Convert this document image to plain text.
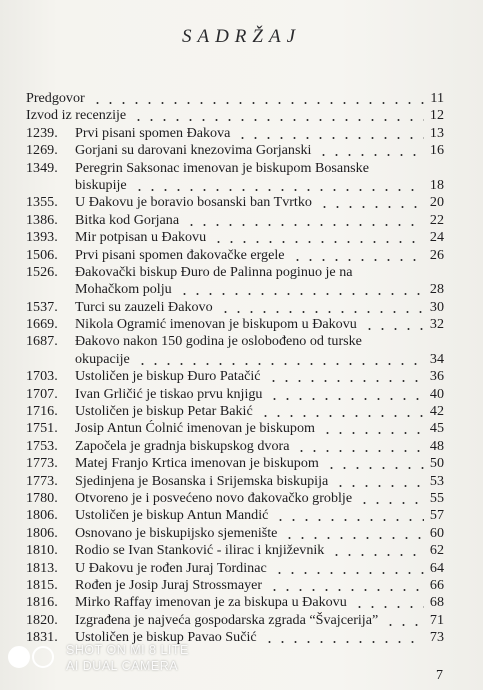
SADRŽAJ
Predgovor	11
Izvod iz recenzije	12
1239. Prvi pisani spomen Đakova	13
1269. Gorjani su darovani knezovima Gorjanski	16
1349. Peregrin Saksonac imenovan je biskupom Bosanske
biskupije	18
1355. U Đakovu je boravio bosanski ban Tvrtko	20
1386. Bitka kod Gorjana	22
1393. Mir potpisan u Đakovu	24
1506. Prvi pisani spomen đakovačke ergele	26
1526. Đakovački biskup Đuro de Palinna poginuo je na
Mohačkom polju	28
1537. Turci su zauzeli Đakovo	30
1669. Nikola Ogramić imenovan je biskupom u Đakovu	32
1687. Đakovo nakon 150 godina je oslobođeno od turske
okupacije	34
1703. Ustoličen je biskup Đuro Patačić	36
1707. Ivan Grličić je tiskao prvu knjigu	40
1716. Ustoličen je biskup Petar Bakić	42
1751. Josip Antun Ćolnić imenovan je biskupom	45
1753. Započela je gradnja biskupskog dvora	48
1773. Matej Franjo Krtica imenovan je biskupom	50
1773. Sjedinjena je Bosanska i Srijemska biskupija	53
1780. Otvoreno je i posvećeno novo đakovačko groblje	55
1806. Ustoličen je biskup Antun Mandić	57
1806. Osnovano je biskupijsko sjemenište	60
1810. Rodio se Ivan Stanković - ilirac i književnik	62
1813. U Đakovu je rođen Juraj Tordinac	64
1815. Rođen je Josip Juraj Strossmayer	66
1816. Mirko Raffay imenovan je za biskupa u Đakovu	68
1820. Izgrađena je najveća gospodarska zgrada “Švajcerija”	71
1831. Ustoličen je biskup Pavao Sučić	73
7
SHOT ON MI 8 LITE
AI DUAL CAMERA
